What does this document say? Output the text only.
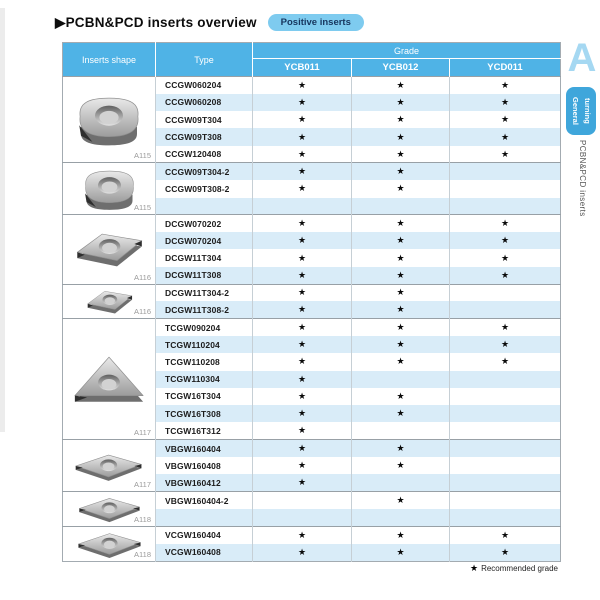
▶PCBN&PCD inserts overview	Positive inserts
Inserts shape	Type	Grade		
		YCB011	YCB012	YCD011

A115	CCGW060204	★	★	★
	CCGW060208	★	★	★
	CCGW09T304	★	★	★
	CCGW09T308	★	★	★
	CCGW120408	★	★	★

A115	CCGW09T304-2	★	★	
	CCGW09T308-2	★	★	

A116	DCGW070202	★	★	★
	DCGW070204	★	★	★
	DCGW11T304	★	★	★
	DCGW11T308	★	★	★

A116	DCGW11T304-2	★	★	
	DCGW11T308-2	★	★	

A117	TCGW090204	★	★	★
	TCGW110204	★	★	★
	TCGW110208	★	★	★
	TCGW110304	★		
	TCGW16T304	★	★	
	TCGW16T308	★	★	
	TCGW16T312	★		

A117	VBGW160404	★	★	
	VBGW160408	★	★	
	VBGW160412	★		

A118	VBGW160404-2		★	

A118	VCGW160404	★	★	★
	VCGW160408	★	★	★
A
General turning
PCBN&PCD inserts
★ Recommended grade
